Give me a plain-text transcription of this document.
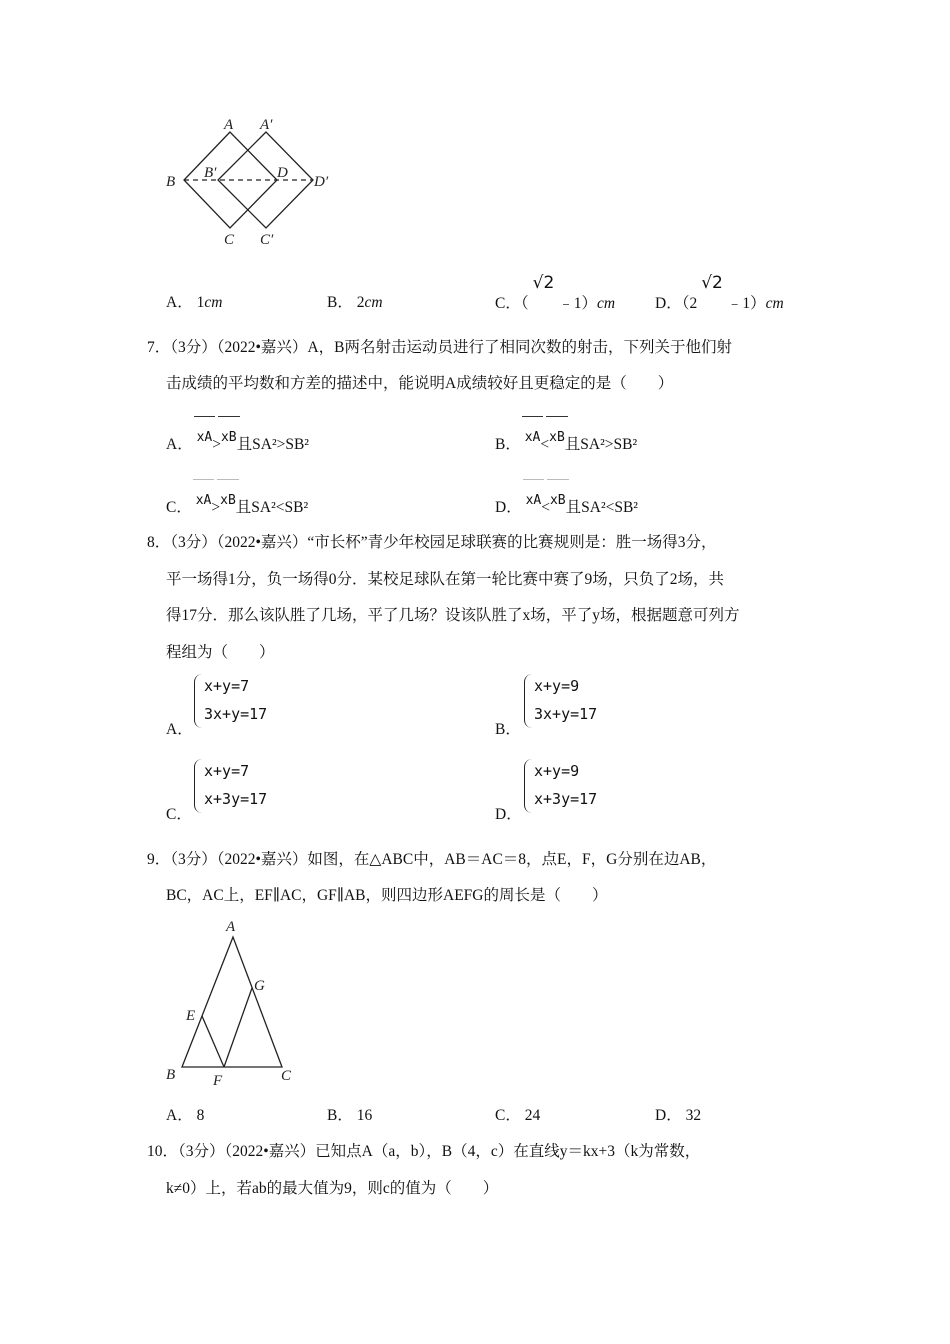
A A′
B
B′	D
D′
C C′
A． 1cm	B． 2cm	C．（√2﹣1）cm	D．（2√2﹣1）cm
7．（3分）（2022•嘉兴）A，B两名射击运动员进行了相同次数的射击，下列关于他们射
击成绩的平均数和方差的描述中，能说明A成绩较好且更稳定的是（　　）
A． xA>xB且SA²>SB²	B． xA<xB且SA²>SB²
C． xA>xB且SA²<SB²	D． xA<xB且SA²<SB²
8．（3分）（2022•嘉兴）“市长杯”青少年校园足球联赛的比赛规则是：胜一场得3分，
平一场得1分，负一场得0分．某校足球队在第一轮比赛中赛了9场，只负了2场，共
得17分．那么该队胜了几场，平了几场？设该队胜了x场，平了y场，根据题意可列方
程组为（　　）
A．
x+y=7
3x+y=17
B．
x+y=9
3x+y=17
C．
x+y=7
x+3y=17
D．
x+y=9
x+3y=17
9．（3分）（2022•嘉兴）如图，在△ABC中，AB＝AC＝8，点E，F，G分别在边AB，
BC，AC上，EF∥AC，GF∥AB，则四边形AEFG的周长是（　　）
A
G
E
B	F	C
A． 8	B． 16	C． 24	D． 32
10．（3分）（2022•嘉兴）已知点A（a，b），B（4，c）在直线y＝kx+3（k为常数，
k≠0）上，若ab的最大值为9，则c的值为（　　）
